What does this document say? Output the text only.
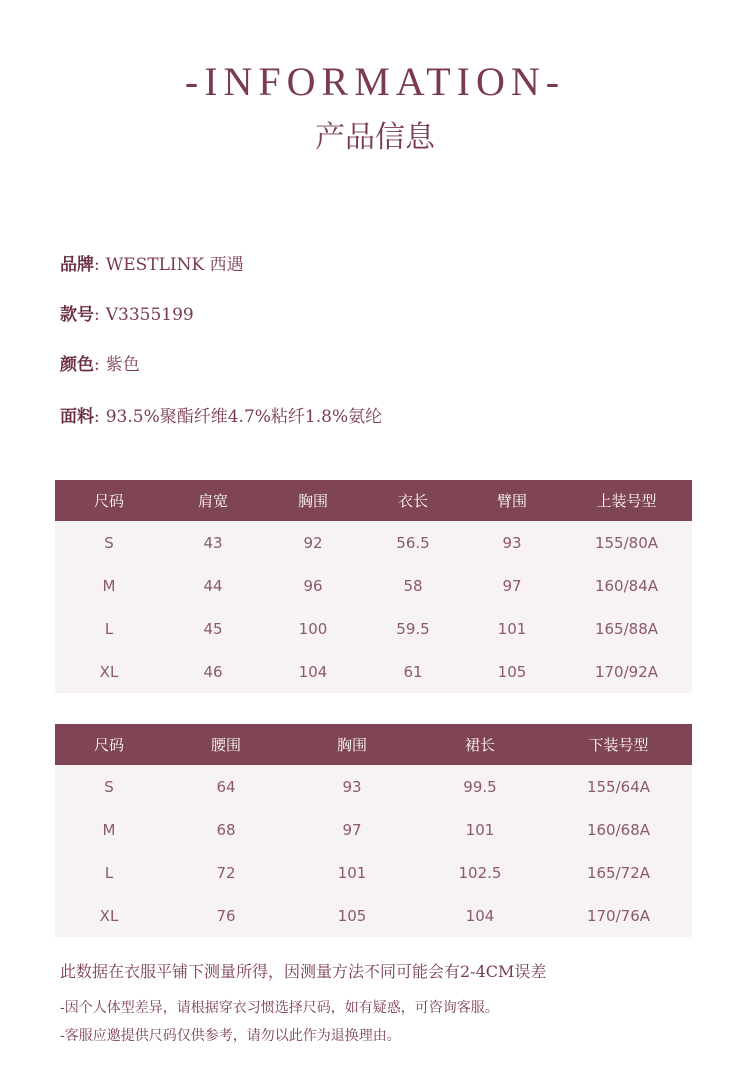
-INFORMATION-
产品信息
品牌: WESTLINK 西遇
款号: V3355199
颜色: 紫色
面料: 93.5%聚酯纤维4.7%粘纤1.8%氨纶
尺码	肩宽	胸围	衣长	臂围	上装号型
S	43	92	56.5	93	155/80A
M	44	96	58	97	160/84A
L	45	100	59.5	101	165/88A
XL	46	104	61	105	170/92A
尺码	腰围	胸围	裙长	下装号型
S	64	93	99.5	155/64A
M	68	97	101	160/68A
L	72	101	102.5	165/72A
XL	76	105	104	170/76A
此数据在衣服平铺下测量所得，因测量方法不同可能会有2-4CM误差
-因个人体型差异，请根据穿衣习惯选择尺码，如有疑惑，可咨询客服。
-客服应邀提供尺码仅供参考，请勿以此作为退换理由。
